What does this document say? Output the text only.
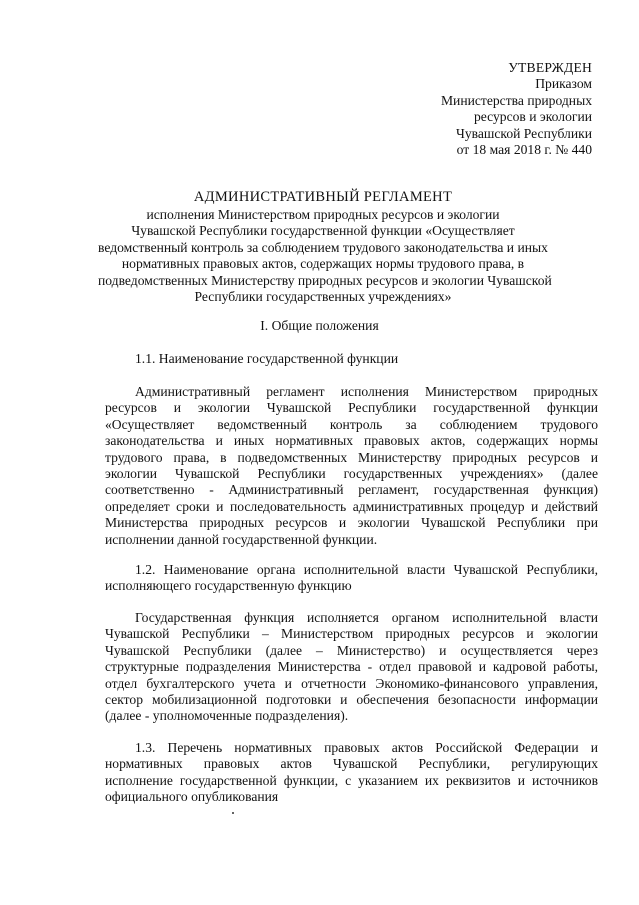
УТВЕРЖДЕН
Приказом
Министерства природных
ресурсов и экологии
Чувашской Республики
от 18 мая 2018 г. № 440
АДМИНИСТРАТИВНЫЙ РЕГЛАМЕНТ
исполнения Министерством природных ресурсов и экологии
Чувашской Республики государственной функции «Осуществляет
ведомственный контроль за соблюдением трудового законодательства и иных
нормативных правовых актов, содержащих нормы трудового права, в
подведомственных Министерству природных ресурсов и экологии Чувашской
Республики государственных учреждениях»
I. Общие положения
1.1. Наименование государственной функции
Административный регламент исполнения Министерством природных
ресурсов и экологии Чувашской Республики государственной функции
«Осуществляет ведомственный контроль за соблюдением трудового
законодательства и иных нормативных правовых актов, содержащих нормы
трудового права, в подведомственных Министерству природных ресурсов и
экологии Чувашской Республики государственных учреждениях» (далее
соответственно - Административный регламент, государственная функция)
определяет сроки и последовательность административных процедур и действий
Министерства природных ресурсов и экологии Чувашской Республики при
исполнении данной государственной функции.
1.2. Наименование органа исполнительной власти Чувашской Республики,
исполняющего государственную функцию
Государственная функция исполняется органом исполнительной власти
Чувашской Республики – Министерством природных ресурсов и экологии
Чувашской Республики (далее – Министерство) и осуществляется через
структурные подразделения Министерства - отдел правовой и кадровой работы,
отдел бухгалтерского учета и отчетности Экономико-финансового управления,
сектор мобилизационной подготовки и обеспечения безопасности информации
(далее - уполномоченные подразделения).
1.3. Перечень нормативных правовых актов Российской Федерации и
нормативных правовых актов Чувашской Республики, регулирующих
исполнение государственной функции, с указанием их реквизитов и источников
официального опубликования
